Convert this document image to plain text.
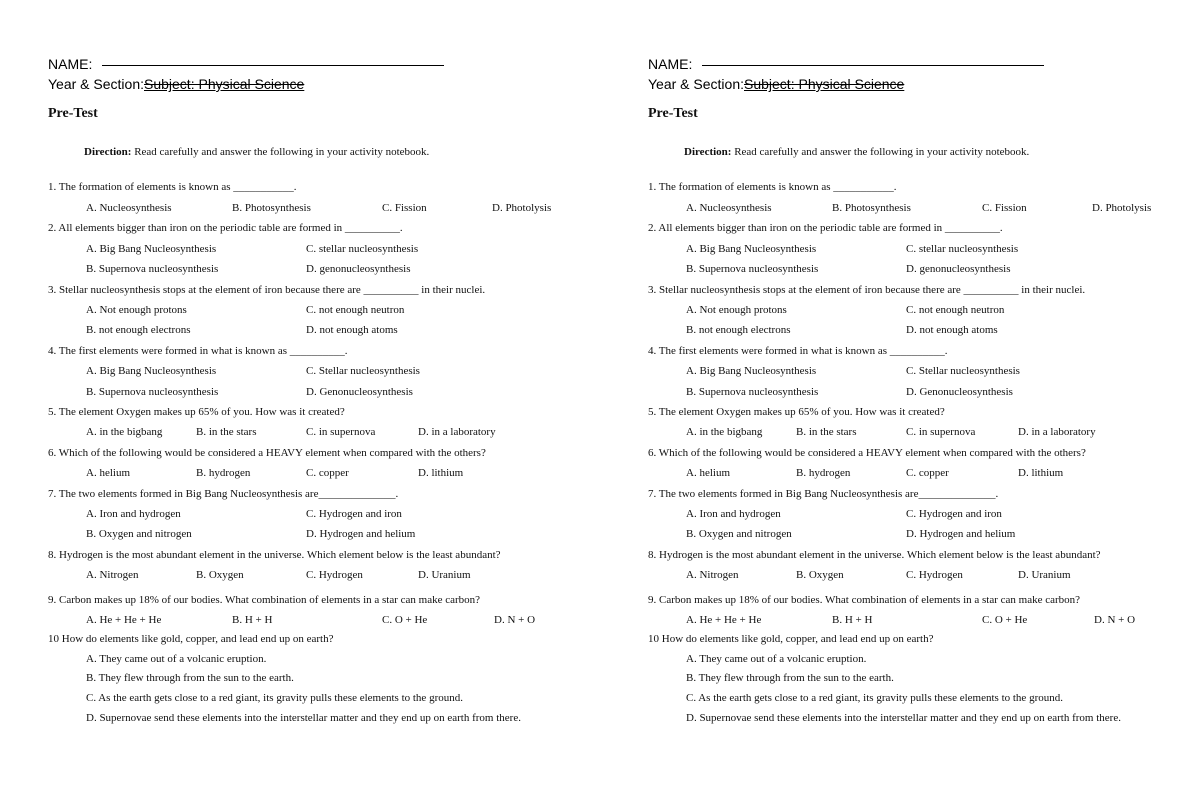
NAME:
Year & Section:Subject: Physical Science
Pre-Test
Direction: Read carefully and answer the following in your activity notebook.
1. The formation of elements is known as ___________.
A. Nucleosynthesis	B. Photosynthesis	C. Fission	D. Photolysis
2. All elements bigger than iron on the periodic table are formed in __________.
A. Big Bang Nucleosynthesis	C. stellar nucleosynthesis
B. Supernova nucleosynthesis	D. genonucleosynthesis
3. Stellar nucleosynthesis stops at the element of iron because there are __________ in their nuclei.
A. Not enough protons	C. not enough neutron
B. not enough electrons	D. not enough atoms
4. The first elements were formed in what is known as __________.
A. Big Bang Nucleosynthesis	C. Stellar nucleosynthesis
B. Supernova nucleosynthesis	D. Genonucleosynthesis
5. The element Oxygen makes up 65% of you. How was it created?
A. in the bigbang	B. in the stars	C. in supernova	D. in a laboratory
6. Which of the following would be considered a HEAVY element when compared with the others?
A. helium	B. hydrogen	C. copper	D. lithium
7. The two elements formed in Big Bang Nucleosynthesis are______________.
A. Iron and hydrogen	C. Hydrogen and iron
B. Oxygen and nitrogen	D. Hydrogen and helium
8. Hydrogen is the most abundant element in the universe. Which element below is the least abundant?
A. Nitrogen	B. Oxygen	C. Hydrogen	D. Uranium
9. Carbon makes up 18% of our bodies. What combination of elements in a star can make carbon?
A. He + He + He	B. H + H	C. O + He	D. N + O
10 How do elements like gold, copper, and lead end up on earth?
A. They came out of a volcanic eruption.
B. They flew through from the sun to the earth.
C. As the earth gets close to a red giant, its gravity pulls these elements to the ground.
D. Supernovae send these elements into the interstellar matter and they end up on earth from there.
NAME:
Year & Section:Subject: Physical Science
Pre-Test
Direction: Read carefully and answer the following in your activity notebook.
1. The formation of elements is known as ___________.
A. Nucleosynthesis	B. Photosynthesis	C. Fission	D. Photolysis
2. All elements bigger than iron on the periodic table are formed in __________.
A. Big Bang Nucleosynthesis	C. stellar nucleosynthesis
B. Supernova nucleosynthesis	D. genonucleosynthesis
3. Stellar nucleosynthesis stops at the element of iron because there are __________ in their nuclei.
A. Not enough protons	C. not enough neutron
B. not enough electrons	D. not enough atoms
4. The first elements were formed in what is known as __________.
A. Big Bang Nucleosynthesis	C. Stellar nucleosynthesis
B. Supernova nucleosynthesis	D. Genonucleosynthesis
5. The element Oxygen makes up 65% of you. How was it created?
A. in the bigbang	B. in the stars	C. in supernova	D. in a laboratory
6. Which of the following would be considered a HEAVY element when compared with the others?
A. helium	B. hydrogen	C. copper	D. lithium
7. The two elements formed in Big Bang Nucleosynthesis are______________.
A. Iron and hydrogen	C. Hydrogen and iron
B. Oxygen and nitrogen	D. Hydrogen and helium
8. Hydrogen is the most abundant element in the universe. Which element below is the least abundant?
A. Nitrogen	B. Oxygen	C. Hydrogen	D. Uranium
9. Carbon makes up 18% of our bodies. What combination of elements in a star can make carbon?
A. He + He + He	B. H + H	C. O + He	D. N + O
10 How do elements like gold, copper, and lead end up on earth?
A. They came out of a volcanic eruption.
B. They flew through from the sun to the earth.
C. As the earth gets close to a red giant, its gravity pulls these elements to the ground.
D. Supernovae send these elements into the interstellar matter and they end up on earth from there.
